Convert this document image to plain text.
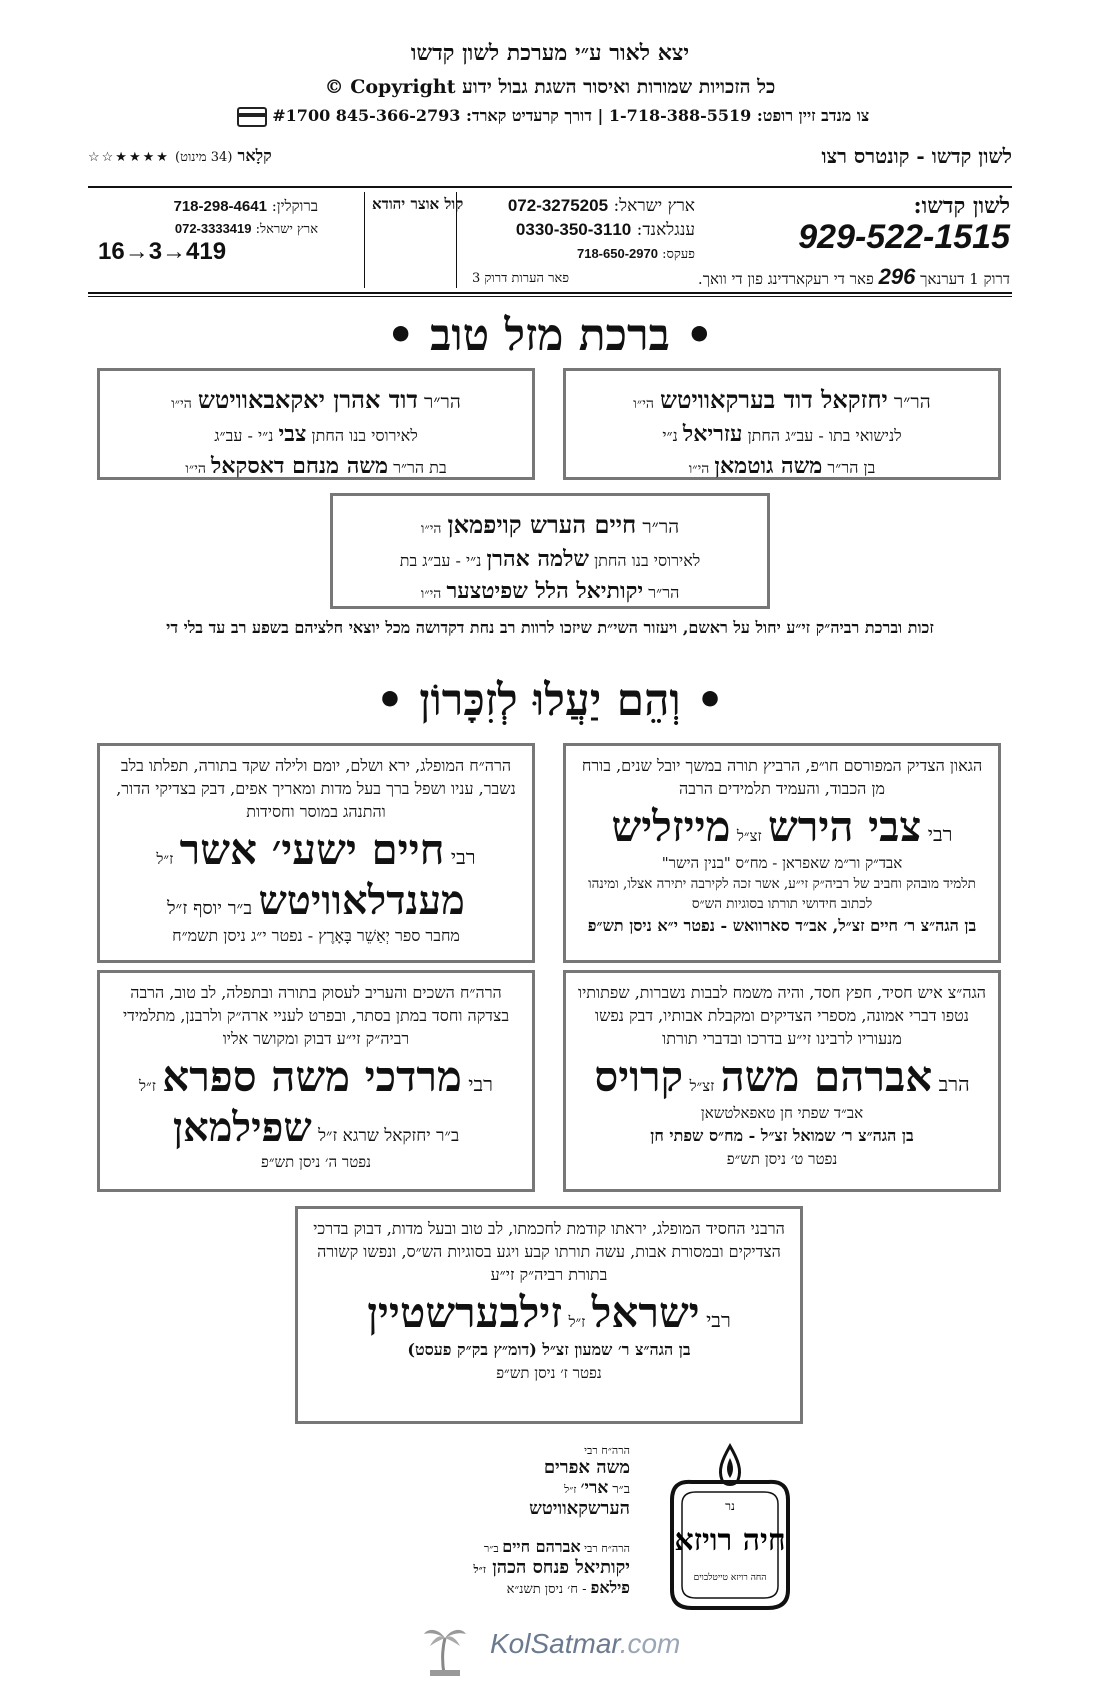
יצא לאור ע״י מערכת לשון קדשו
כל הזכויות שמורות ואיסור השגת גבול ידוע Copyright ©
צו מנדב זיין רופט: 1-718-388-5519 | דורך קרעדיט קארד: 845-366-2793 #1700
לשון קדשו - קונטרס רצו
קלָאר (34 מינוט) ★★★★☆☆
לשון קדשו:
929-522-1515
דרוק 1 דערנאך 296 פאר די רעקארדינג פון די וואך.
ארץ ישראל: 072-3275205
ענגלאנד: 0330-350-3110
פעקס: 718-650-2970
פאר הערות דרוק 3
קול אוצר יהודא
ברוקלין: 718-298-4641
ארץ ישראל: 072-3333419
16→3→419
• ברכת מזל טוב •
הר״ר יחזקאל דוד בערקאוויטש הי״ו
לנישואי בתו - עב״ג החתן עזריאל נ״י
בן הר״ר משה גוטמאן הי״ו
הר״ר דוד אהרן יאקאבאוויטש הי״ו
לאירוסי בנו החתן צבי נ״י - עב״ג
בת הר״ר משה מנחם דאסקאל הי״ו
הר״ר חיים הערש קויפמאן הי״ו
לאירוסי בנו החתן שלמה אהרן נ״י - עב״ג בת
הר״ר יקותיאל הלל שפיטצער הי״ו
זכות וברכת רביה״ק זי״ע יחול על ראשם, ויעזור השי״ת שיזכו לרוות רב נחת דקדושה מכל יוצאי חלציהם בשפע רב עד בלי די
• וְהֵם יַעֲלוּ לְזִכָּרוֹן •
הגאון הצדיק המפורסם חו״פ, הרביץ תורה במשך יובל שנים, בורח מן הכבוד, והעמיד תלמידים הרבה
רבי צבי הירש זצ״ל מייזליש
אבד״ק ור״מ שאפראן - מח״ס "בנין הישר"
תלמיד מובהק וחביב של רביה״ק זי״ע, אשר זכה לקירבה יתירה אצלו, ומינהו לכתוב חידושי תורתו בסוגיות הש״ס
בן הגה״צ ר׳ חיים זצ״ל, אב״ד סארוואש - נפטר י״א ניסן תש״פ
הרה״ח המופלג, ירא ושלם, יומם ולילה שקד בתורה, תפלתו בלב נשבר, עניו ושפל ברך בעל מדות ומאריך אפים, דבק בצדיקי הדור, והתנהג במוסר וחסידות
רבי חיים ישעי׳ אשר ז״ל
מענדלאוויטש ב״ר יוסף ז״ל
מחבר ספר יְאַשֵׁר בָּאָרֶץ - נפטר י״ג ניסן תשמ״ח
הגה״צ איש חסיד, חפץ חסד, והיה משמח לבבות נשברות, שפתותיו נטפו דברי אמונה, מספרי הצדיקים ומקבלת אבותיו, דבק נפשו מנעוריו לרבינו זי״ע בדרכו ובדברי תורתו
הרב אברהם משה זצ״ל קרויס
אב״ד שפתי חן טאפאלטשאן
בן הגה״צ ר׳ שמואל זצ״ל - מח״ס שפתי חן
נפטר ט׳ ניסן תש״פ
הרה״ח השכים והעריב לעסוק בתורה ובתפלה, לב טוב, הרבה בצדקה וחסד במתן בסתר, ובפרט לעניי ארה״ק ולרבנן, מתלמידי רביה״ק זי״ע דבוק ומקושר אליו
רבי מרדכי משה ספרא ז״ל
ב״ר יחזקאל שרגא ז״ל שפילמאן
נפטר ה׳ ניסן תש״פ
הרבני החסיד המופלג, יראתו קודמת לחכמתו, לב טוב ובעל מדות, דבוק בדרכי הצדיקים ובמסורת אבות, עשה תורתו קבע ויגע בסוגיות הש״ס, ונפשו קשורה בתורת רביה״ק זי״ע
רבי ישראל ז״ל זילבערשטיין
בן הגה״צ ר׳ שמעון זצ״ל (דומ״ץ בק״ק פעסט)
נפטר ז׳ ניסן תש״פ
נר
חיה רויזא
החה רויזא טייטלבוים
הרה״ח רבי
משה אפרים
ב״ר ארי׳ ז״ל
הערשקאוויטש
הרה״ח רבי אברהם חיים ב״ר
יקותיאל פנחס הכהן ז״ל
פילאפ - ח׳ ניסן תשנ״א
KolSatmar.com
